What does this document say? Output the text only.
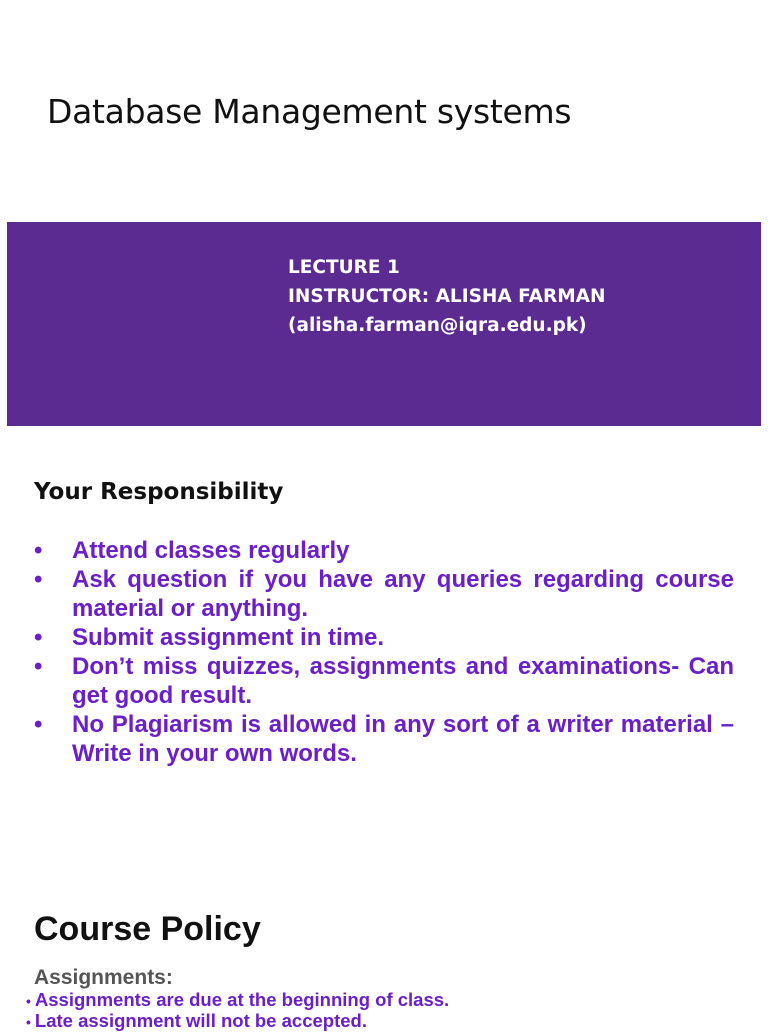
Database Management systems
LECTURE 1
INSTRUCTOR: ALISHA FARMAN
(alisha.farman@iqra.edu.pk)
Your Responsibility
•	Attend classes regularly
•	Ask question if you have any queries regarding course material or anything.
•	Submit assignment in time.
•	Don’t miss quizzes, assignments and examinations- Can get good result.
•	No Plagiarism is allowed in any sort of a writer material – Write in your own words.
Course Policy
Assignments:
• Assignments are due at the beginning of class.
• Late assignment will not be accepted.
